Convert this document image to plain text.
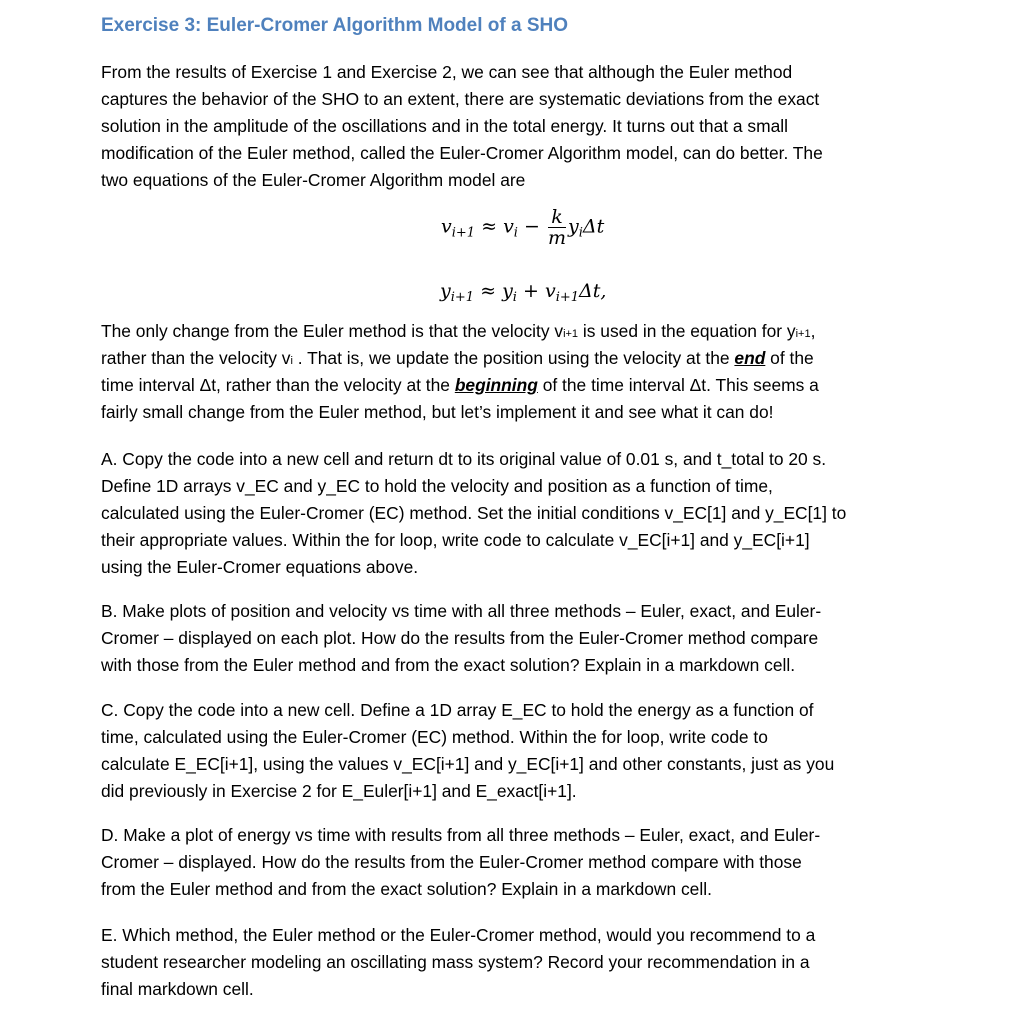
Exercise 3: Euler-Cromer Algorithm Model of a SHO
From the results of Exercise 1 and Exercise 2, we can see that although the Euler method
captures the behavior of the SHO to an extent, there are systematic deviations from the exact
solution in the amplitude of the oscillations and in the total energy. It turns out that a small
modification of the Euler method, called the Euler-Cromer Algorithm model, can do better. The
two equations of the Euler-Cromer Algorithm model are
$v_{i+1} \approx v_i - \frac{k}{m} y_i\Delta t$
$y_{i+1} \approx y_i + v_{i+1}\Delta t$,
The only change from the Euler method is that the velocity vi+1 is used in the equation for yi+1,
rather than the velocity vi . That is, we update the position using the velocity at the end of the
time interval Δt, rather than the velocity at the beginning of the time interval Δt. This seems a
fairly small change from the Euler method, but let’s implement it and see what it can do!
A. Copy the code into a new cell and return dt to its original value of 0.01 s, and t_total to 20 s.
Define 1D arrays v_EC and y_EC to hold the velocity and position as a function of time,
calculated using the Euler-Cromer (EC) method. Set the initial conditions v_EC[1] and y_EC[1] to
their appropriate values. Within the for loop, write code to calculate v_EC[i+1] and y_EC[i+1]
using the Euler-Cromer equations above.
B. Make plots of position and velocity vs time with all three methods – Euler, exact, and Euler-
Cromer – displayed on each plot. How do the results from the Euler-Cromer method compare
with those from the Euler method and from the exact solution? Explain in a markdown cell.
C. Copy the code into a new cell. Define a 1D array E_EC to hold the energy as a function of
time, calculated using the Euler-Cromer (EC) method. Within the for loop, write code to
calculate E_EC[i+1], using the values v_EC[i+1] and y_EC[i+1] and other constants, just as you
did previously in Exercise 2 for E_Euler[i+1] and E_exact[i+1].
D. Make a plot of energy vs time with results from all three methods – Euler, exact, and Euler-
Cromer – displayed. How do the results from the Euler-Cromer method compare with those
from the Euler method and from the exact solution? Explain in a markdown cell.
E. Which method, the Euler method or the Euler-Cromer method, would you recommend to a
student researcher modeling an oscillating mass system? Record your recommendation in a
final markdown cell.
